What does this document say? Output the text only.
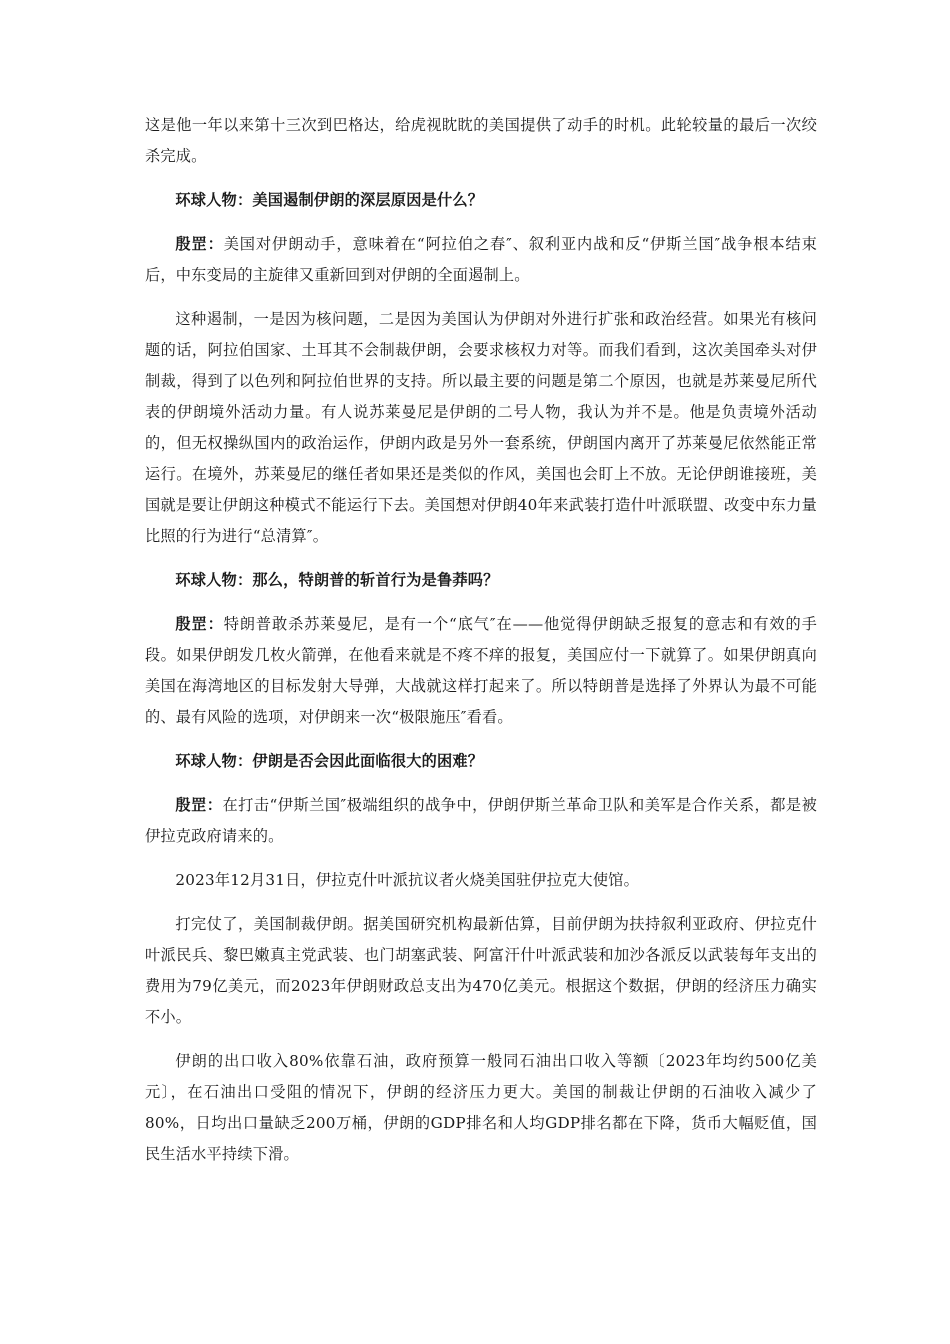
这是他一年以来第十三次到巴格达，给虎视眈眈的美国提供了动手的时机。此轮较量的最后一次绞杀完成。

环球人物：美国遏制伊朗的深层原因是什么？

殷罡：美国对伊朗动手，意味着在“阿拉伯之春″、叙利亚内战和反“伊斯兰国″战争根本结束后，中东变局的主旋律又重新回到对伊朗的全面遏制上。

这种遏制，一是因为核问题，二是因为美国认为伊朗对外进行扩张和政治经营。如果光有核问题的话，阿拉伯国家、土耳其不会制裁伊朗，会要求核权力对等。而我们看到，这次美国牵头对伊制裁，得到了以色列和阿拉伯世界的支持。所以最主要的问题是第二个原因，也就是苏莱曼尼所代表的伊朗境外活动力量。有人说苏莱曼尼是伊朗的二号人物，我认为并不是。他是负责境外活动的，但无权操纵国内的政治运作，伊朗内政是另外一套系统，伊朗国内离开了苏莱曼尼依然能正常运行。在境外，苏莱曼尼的继任者如果还是类似的作风，美国也会盯上不放。无论伊朗谁接班，美国就是要让伊朗这种模式不能运行下去。美国想对伊朗40年来武装打造什叶派联盟、改变中东力量比照的行为进行“总清算″。

环球人物：那么，特朗普的斩首行为是鲁莽吗？

殷罡：特朗普敢杀苏莱曼尼，是有一个“底气″在——他觉得伊朗缺乏报复的意志和有效的手段。如果伊朗发几枚火箭弹，在他看来就是不疼不痒的报复，美国应付一下就算了。如果伊朗真向美国在海湾地区的目标发射大导弹，大战就这样打起来了。所以特朗普是选择了外界认为最不可能的、最有风险的选项，对伊朗来一次“极限施压″看看。

环球人物：伊朗是否会因此面临很大的困难？

殷罡：在打击“伊斯兰国″极端组织的战争中，伊朗伊斯兰革命卫队和美军是合作关系，都是被伊拉克政府请来的。

2023年12月31日，伊拉克什叶派抗议者火烧美国驻伊拉克大使馆。

打完仗了，美国制裁伊朗。据美国研究机构最新估算，目前伊朗为扶持叙利亚政府、伊拉克什叶派民兵、黎巴嫩真主党武装、也门胡塞武装、阿富汗什叶派武装和加沙各派反以武装每年支出的费用为79亿美元，而2023年伊朗财政总支出为470亿美元。根据这个数据，伊朗的经济压力确实不小。

伊朗的出口收入80%依靠石油，政府预算一般同石油出口收入等额〔2023年均约500亿美元〕，在石油出口受阻的情况下，伊朗的经济压力更大。美国的制裁让伊朗的石油收入减少了80%，日均出口量缺乏200万桶，伊朗的GDP排名和人均GDP排名都在下降，货币大幅贬值，国民生活水平持续下滑。
